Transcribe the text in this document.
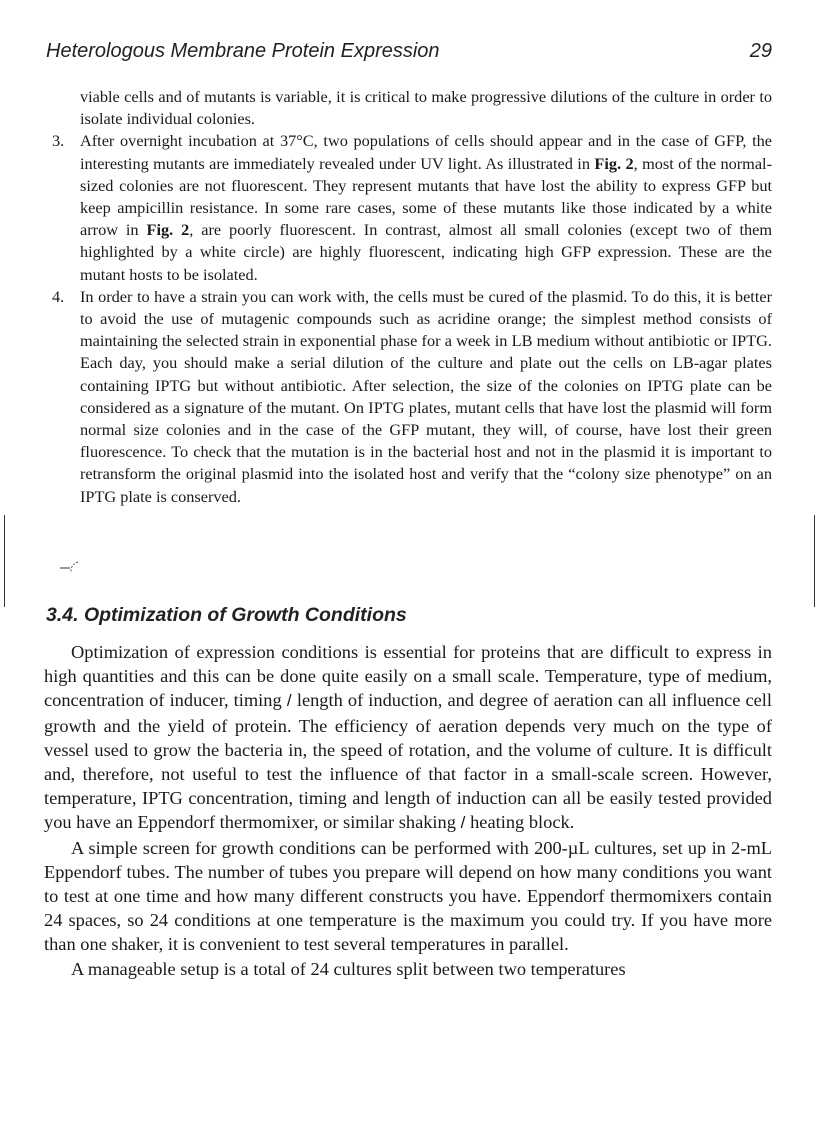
Heterologous Membrane Protein Expression	29

viable cells and of mutants is variable, it is critical to make progressive dilutions of the culture in order to isolate individual colonies.

3. After overnight incubation at 37°C, two populations of cells should appear and in the case of GFP, the interesting mutants are immediately revealed under UV light. As illustrated in Fig. 2, most of the normal-sized colonies are not fluorescent. They represent mutants that have lost the ability to express GFP but keep ampicillin resistance. In some rare cases, some of these mutants like those indicated by a white arrow in Fig. 2, are poorly fluorescent. In contrast, almost all small colonies (except two of them highlighted by a white circle) are highly fluorescent, indicating high GFP expression. These are the mutant hosts to be isolated.

4. In order to have a strain you can work with, the cells must be cured of the plasmid. To do this, it is better to avoid the use of mutagenic compounds such as acridine orange; the simplest method consists of maintaining the selected strain in exponential phase for a week in LB medium without antibiotic or IPTG. Each day, you should make a serial dilution of the culture and plate out the cells on LB-agar plates containing IPTG but without antibiotic. After selection, the size of the colonies on IPTG plate can be considered as a signature of the mutant. On IPTG plates, mutant cells that have lost the plasmid will form normal size colonies and in the case of the GFP mutant, they will, of course, have lost their green fluorescence. To check that the mutation is in the bacterial host and not in the plasmid it is important to retransform the original plasmid into the isolated host and verify that the “colony size phenotype” on an IPTG plate is conserved.

3.4. Optimization of Growth Conditions

Optimization of expression conditions is essential for proteins that are difficult to express in high quantities and this can be done quite easily on a small scale. Temperature, type of medium, concentration of inducer, timing / length of induction, and degree of aeration can all influence cell growth and the yield of protein. The efficiency of aeration depends very much on the type of vessel used to grow the bacteria in, the speed of rotation, and the volume of culture. It is difficult and, therefore, not useful to test the influence of that factor in a small-scale screen. However, temperature, IPTG concentration, timing and length of induction can all be easily tested provided you have an Eppendorf thermomixer, or similar shaking / heating block.

A simple screen for growth conditions can be performed with 200-µL cultures, set up in 2-mL Eppendorf tubes. The number of tubes you prepare will depend on how many conditions you want to test at one time and how many different constructs you have. Eppendorf thermomixers contain 24 spaces, so 24 conditions at one temperature is the maximum you could try. If you have more than one shaker, it is convenient to test several temperatures in parallel.

A manageable setup is a total of 24 cultures split between two temperatures
